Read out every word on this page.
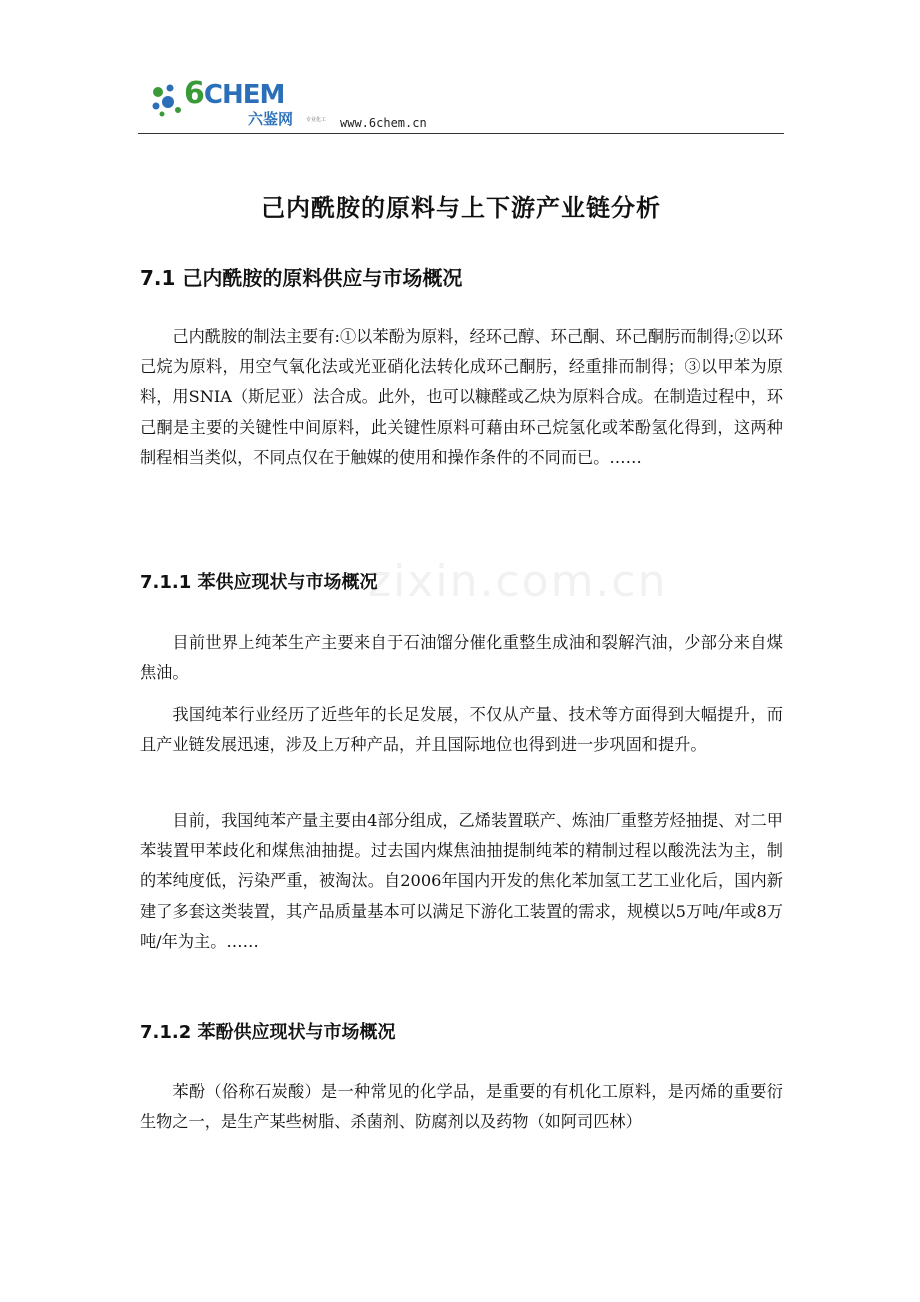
6CHEM
六鉴网	专业化工 www.6chem.cn
zixin.com.cn
己内酰胺的原料与上下游产业链分析
7.1 己内酰胺的原料供应与市场概况
己内酰胺的制法主要有:①以苯酚为原料，经环己醇、环己酮、环己酮肟而制得;②以环己烷为原料，用空气氧化法或光亚硝化法转化成环己酮肟，经重排而制得；③以甲苯为原料，用SNIA（斯尼亚）法合成。此外，也可以糠醛或乙炔为原料合成。在制造过程中，环己酮是主要的关键性中间原料，此关键性原料可藉由环己烷氢化或苯酚氢化得到，这两种制程相当类似，不同点仅在于触媒的使用和操作条件的不同而已。……
7.1.1 苯供应现状与市场概况
目前世界上纯苯生产主要来自于石油馏分催化重整生成油和裂解汽油，少部分来自煤焦油。
我国纯苯行业经历了近些年的长足发展，不仅从产量、技术等方面得到大幅提升，而且产业链发展迅速，涉及上万种产品，并且国际地位也得到进一步巩固和提升。
目前，我国纯苯产量主要由4部分组成，乙烯装置联产、炼油厂重整芳烃抽提、对二甲苯装置甲苯歧化和煤焦油抽提。过去国内煤焦油抽提制纯苯的精制过程以酸洗法为主，制的苯纯度低，污染严重，被淘汰。自2006年国内开发的焦化苯加氢工艺工业化后，国内新建了多套这类装置，其产品质量基本可以满足下游化工装置的需求，规模以5万吨/年或8万吨/年为主。……
7.1.2 苯酚供应现状与市场概况
苯酚（俗称石炭酸）是一种常见的化学品，是重要的有机化工原料，是丙烯的重要衍生物之一，是生产某些树脂、杀菌剂、防腐剂以及药物（如阿司匹林）
